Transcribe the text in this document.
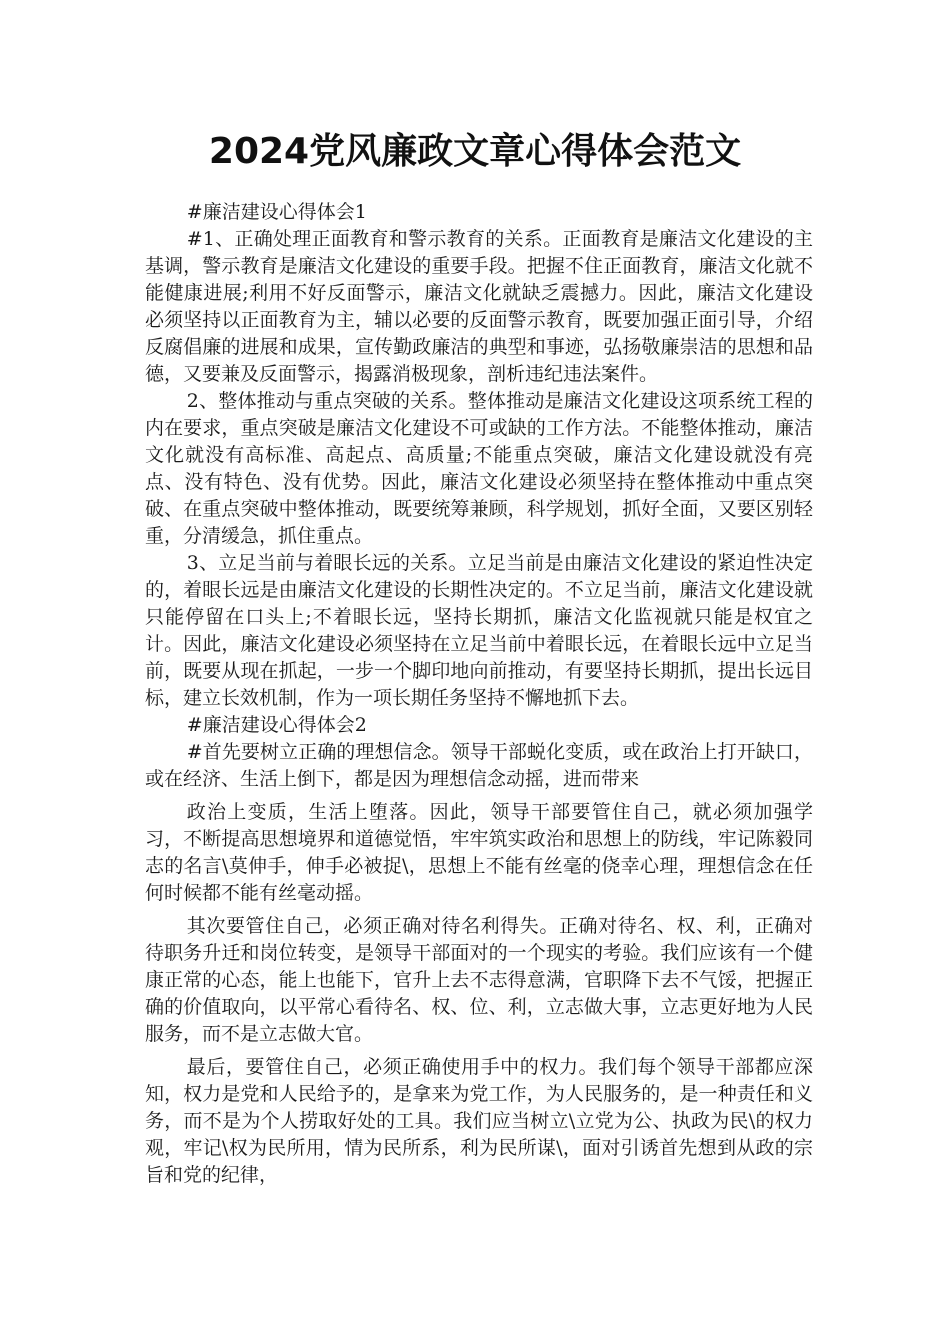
2024党风廉政文章心得体会范文

#廉洁建设心得体会1

#1、正确处理正面教育和警示教育的关系。正面教育是廉洁文化建设的主基调，警示教育是廉洁文化建设的重要手段。把握不住正面教育，廉洁文化就不能健康进展;利用不好反面警示，廉洁文化就缺乏震撼力。因此，廉洁文化建设必须坚持以正面教育为主，辅以必要的反面警示教育，既要加强正面引导，介绍反腐倡廉的进展和成果，宣传勤政廉洁的典型和事迹，弘扬敬廉崇洁的思想和品德，又要兼及反面警示，揭露消极现象，剖析违纪违法案件。

2、整体推动与重点突破的关系。整体推动是廉洁文化建设这项系统工程的内在要求，重点突破是廉洁文化建设不可或缺的工作方法。不能整体推动，廉洁文化就没有高标准、高起点、高质量;不能重点突破，廉洁文化建设就没有亮点、没有特色、没有优势。因此，廉洁文化建设必须坚持在整体推动中重点突破、在重点突破中整体推动，既要统筹兼顾，科学规划，抓好全面，又要区别轻重，分清缓急，抓住重点。

3、立足当前与着眼长远的关系。立足当前是由廉洁文化建设的紧迫性决定的，着眼长远是由廉洁文化建设的长期性决定的。不立足当前，廉洁文化建设就只能停留在口头上;不着眼长远，坚持长期抓，廉洁文化监视就只能是权宜之计。因此，廉洁文化建设必须坚持在立足当前中着眼长远，在着眼长远中立足当前，既要从现在抓起，一步一个脚印地向前推动，有要坚持长期抓，提出长远目标，建立长效机制，作为一项长期任务坚持不懈地抓下去。

#廉洁建设心得体会2

#首先要树立正确的理想信念。领导干部蜕化变质，或在政治上打开缺口，或在经济、生活上倒下，都是因为理想信念动摇，进而带来

政治上变质，生活上堕落。因此，领导干部要管住自己，就必须加强学习，不断提高思想境界和道德觉悟，牢牢筑实政治和思想上的防线，牢记陈毅同志的名言\莫伸手，伸手必被捉\，思想上不能有丝毫的侥幸心理，理想信念在任何时候都不能有丝毫动摇。

其次要管住自己，必须正确对待名利得失。正确对待名、权、利，正确对待职务升迁和岗位转变，是领导干部面对的一个现实的考验。我们应该有一个健康正常的心态，能上也能下，官升上去不志得意满，官职降下去不气馁，把握正确的价值取向，以平常心看待名、权、位、利，立志做大事，立志更好地为人民服务，而不是立志做大官。

最后，要管住自己，必须正确使用手中的权力。我们每个领导干部都应深知，权力是党和人民给予的，是拿来为党工作，为人民服务的，是一种责任和义务，而不是为个人捞取好处的工具。我们应当树立\立党为公、执政为民\的权力观，牢记\权为民所用，情为民所系，利为民所谋\，面对引诱首先想到从政的宗旨和党的纪律，
